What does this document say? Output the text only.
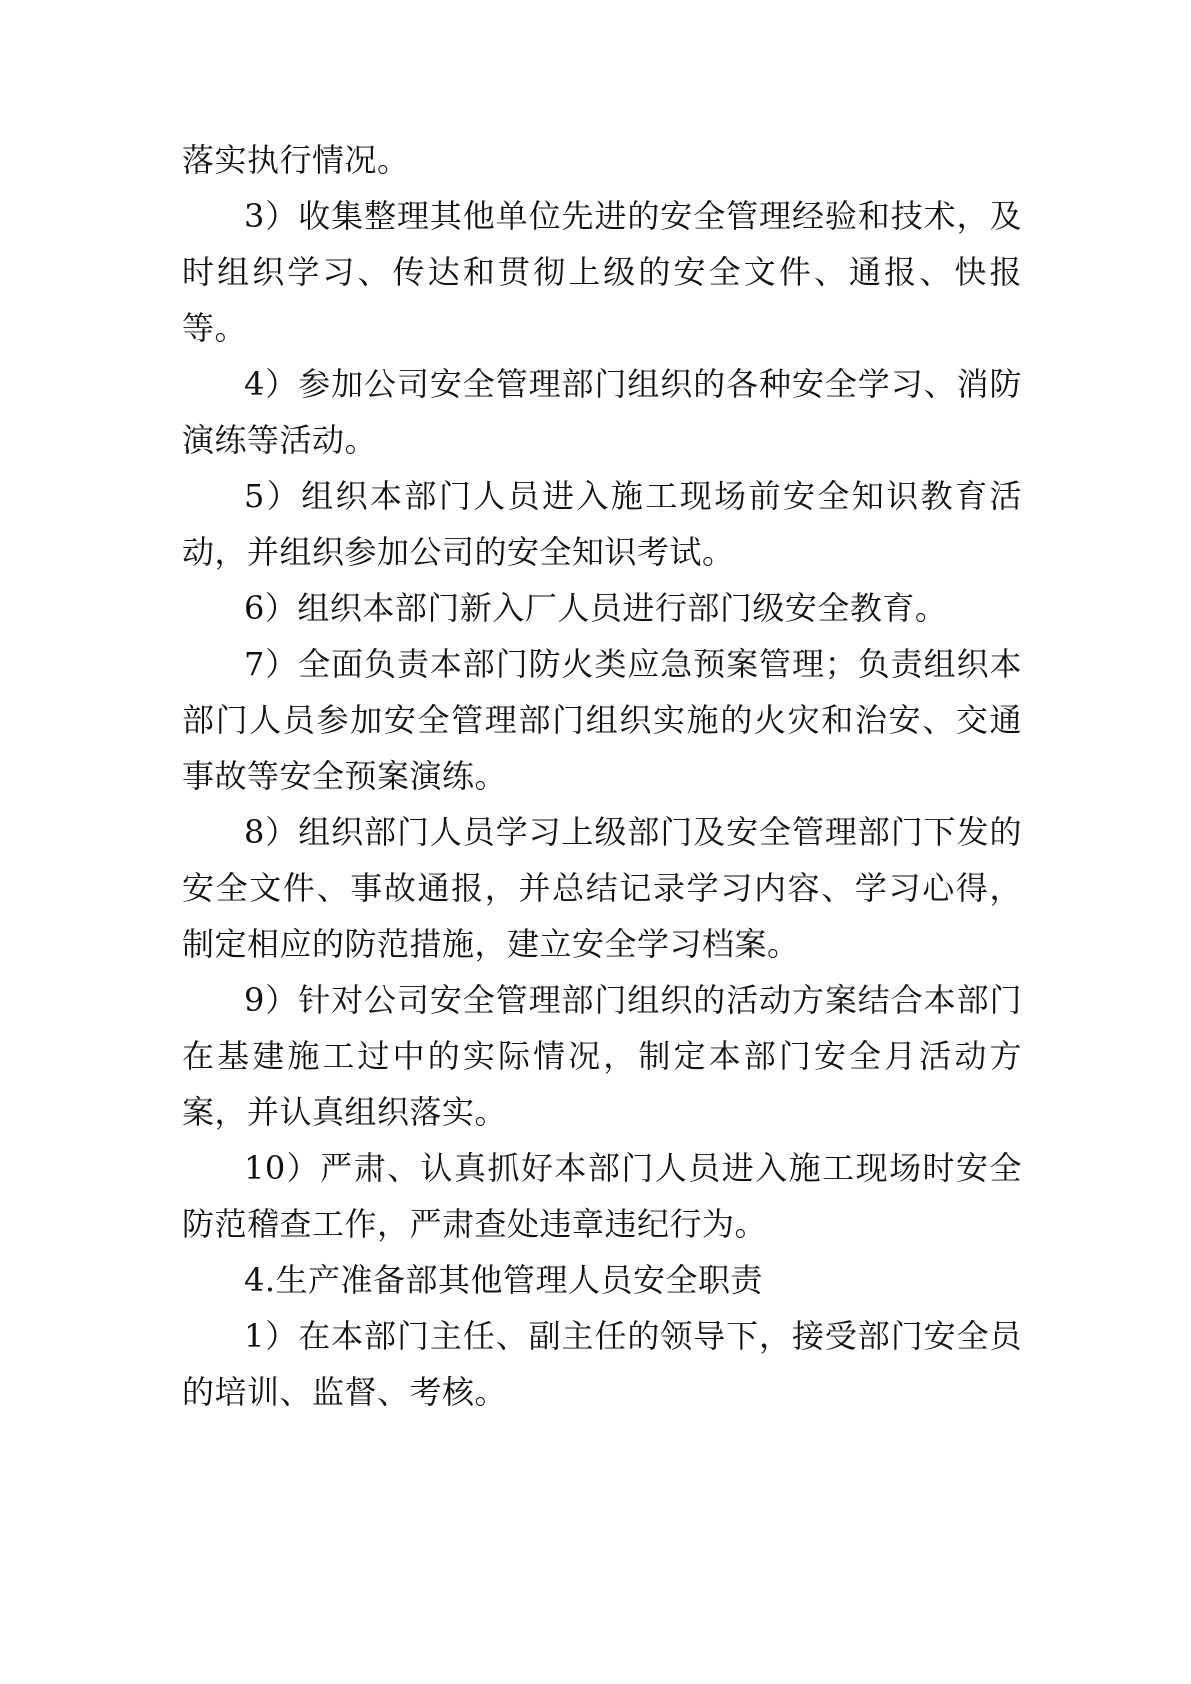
落实执行情况。

3）收集整理其他单位先进的安全管理经验和技术，及时组织学习、传达和贯彻上级的安全文件、通报、快报等。

4）参加公司安全管理部门组织的各种安全学习、消防演练等活动。

5）组织本部门人员进入施工现场前安全知识教育活动，并组织参加公司的安全知识考试。

6）组织本部门新入厂人员进行部门级安全教育。

7）全面负责本部门防火类应急预案管理；负责组织本部门人员参加安全管理部门组织实施的火灾和治安、交通事故等安全预案演练。

8）组织部门人员学习上级部门及安全管理部门下发的安全文件、事故通报，并总结记录学习内容、学习心得，制定相应的防范措施，建立安全学习档案。

9）针对公司安全管理部门组织的活动方案结合本部门在基建施工过中的实际情况，制定本部门安全月活动方案，并认真组织落实。

10）严肃、认真抓好本部门人员进入施工现场时安全防范稽查工作，严肃查处违章违纪行为。

4.生产准备部其他管理人员安全职责

1）在本部门主任、副主任的领导下，接受部门安全员的培训、监督、考核。
